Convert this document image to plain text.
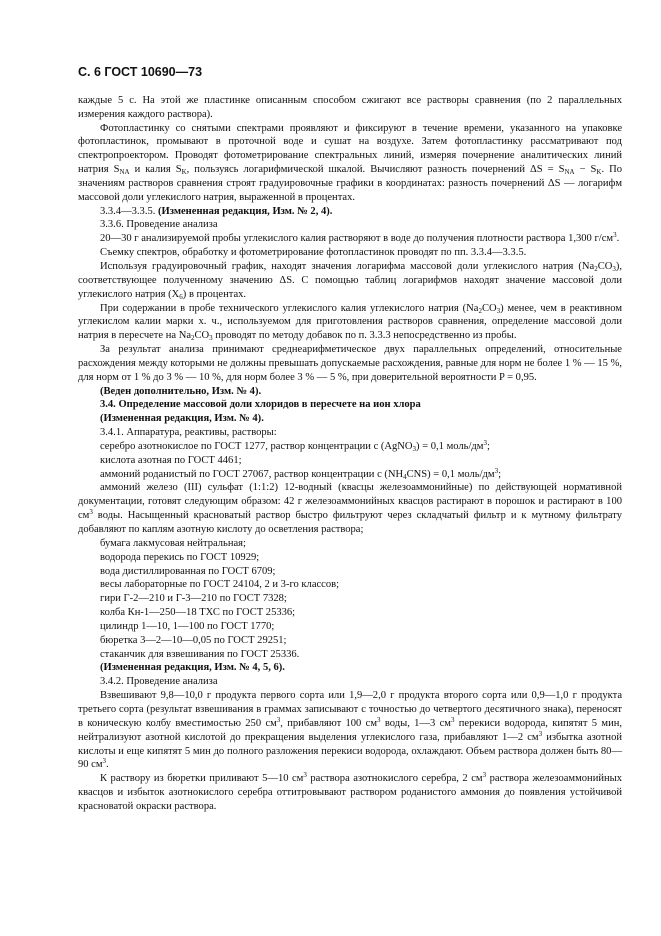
С. 6 ГОСТ 10690—73

каждые 5 с. На этой же пластинке описанным способом сжигают все растворы сравнения (по 2 параллельных измерения каждого раствора).

Фотопластинку со снятыми спектрами проявляют и фиксируют в течение времени, указанного на упаковке фотопластинок, промывают в проточной воде и сушат на воздухе. Затем фотопластинку рассматривают под спектропроектором. Проводят фотометрирование спектральных линий, измеряя почернение аналитических линий натрия $S_{NA}$ и калия $S_K$, пользуясь логарифмической шкалой. Вычисляют разность почернений $\Delta S = S_{NA} - S_K$. По значениям растворов сравнения строят градуировочные графики в координатах: разность почернений ΔS — логарифм массовой доли углекислого натрия, выраженной в процентах.

3.3.4—3.3.5. (Измененная редакция, Изм. № 2, 4).

3.3.6. Проведение анализа

20—30 г анализируемой пробы углекислого калия растворяют в воде до получения плотности раствора 1,300 $г/см^3$.

Съемку спектров, обработку и фотометрирование фотопластинок проводят по пп. 3.3.4—3.3.5.

Используя градуировочный график, находят значения логарифма массовой доли углекислого натрия $(Na_2CO_3)$, соответствующее полученному значению ΔS. С помощью таблиц логарифмов находят значение массовой доли углекислого натрия $(X_6)$ в процентах.

При содержании в пробе технического углекислого калия углекислого натрия $(Na_2CO_3)$ менее, чем в реактивном углекислом калии марки х. ч., используемом для приготовления растворов сравнения, определение массовой доли натрия в пересчете на $Na_2CO_3$ проводят по методу добавок по п. 3.3.3 непосредственно из пробы.

За результат анализа принимают среднеарифметическое двух параллельных определений, относительные расхождения между которыми не должны превышать допускаемые расхождения, равные для норм не более 1 % — 15 %, для норм от 1 % до 3 % — 10 %, для норм более 3 % — 5 %, при доверительной вероятности P = 0,95.

(Веден дополнительно, Изм. № 4).

3.4. Определение массовой доли хлоридов в пересчете на ион хлора

(Измененная редакция, Изм. № 4).

3.4.1. Аппаратура, реактивы, растворы:

серебро азотнокислое по ГОСТ 1277, раствор концентрации c (AgNO$_3$) = 0,1 моль/$дм^3$;

кислота азотная по ГОСТ 4461;

аммоний роданистый по ГОСТ 27067, раствор концентрации c $(NH_4CNS) = 0,1$ моль/$дм^3$;

аммоний железо (III) сульфат (1:1:2) 12-водный (квасцы железоаммонийные) по действующей нормативной документации, готовят следующим образом: 42 г железоаммонийных квасцов растирают в порошок и растирают в 100 $см^3$ воды. Насыщенный красноватый раствор быстро фильтруют через складчатый фильтр и к мутному фильтрату добавляют по каплям азотную кислоту до осветления раствора;

бумага лакмусовая нейтральная;

водорода перекись по ГОСТ 10929;

вода дистиллированная по ГОСТ 6709;

весы лабораторные по ГОСТ 24104, 2 и 3-го классов;

гири Г-2—210 и Г-3—210 по ГОСТ 7328;

колба Кн-1—250—18 ТХС по ГОСТ 25336;

цилиндр 1—10, 1—100 по ГОСТ 1770;

бюретка 3—2—10—0,05 по ГОСТ 29251;

стаканчик для взвешивания по ГОСТ 25336.

(Измененная редакция, Изм. № 4, 5, 6).

3.4.2. Проведение анализа

Взвешивают 9,8—10,0 г продукта первого сорта или 1,9—2,0 г продукта второго сорта или 0,9—1,0 г продукта третьего сорта (результат взвешивания в граммах записывают с точностью до четвертого десятичного знака), переносят в коническую колбу вместимостью 250 $см^3$, прибавляют 100 $см^3$ воды, 1—3 $см^3$ перекиси водорода, кипятят 5 мин, нейтрализуют азотной кислотой до прекращения выделения углекислого газа, прибавляют 1—2 $см^3$ избытка азотной кислоты и еще кипятят 5 мин до полного разложения перекиси водорода, охлаждают. Объем раствора должен быть 80—90 $см^3$.

К раствору из бюретки приливают 5—10 $см^3$ раствора азотнокислого серебра, 2 $см^3$ раствора железоаммонийных квасцов и избыток азотнокислого серебра оттитровывают раствором роданистого аммония до появления устойчивой красноватой окраски раствора.
